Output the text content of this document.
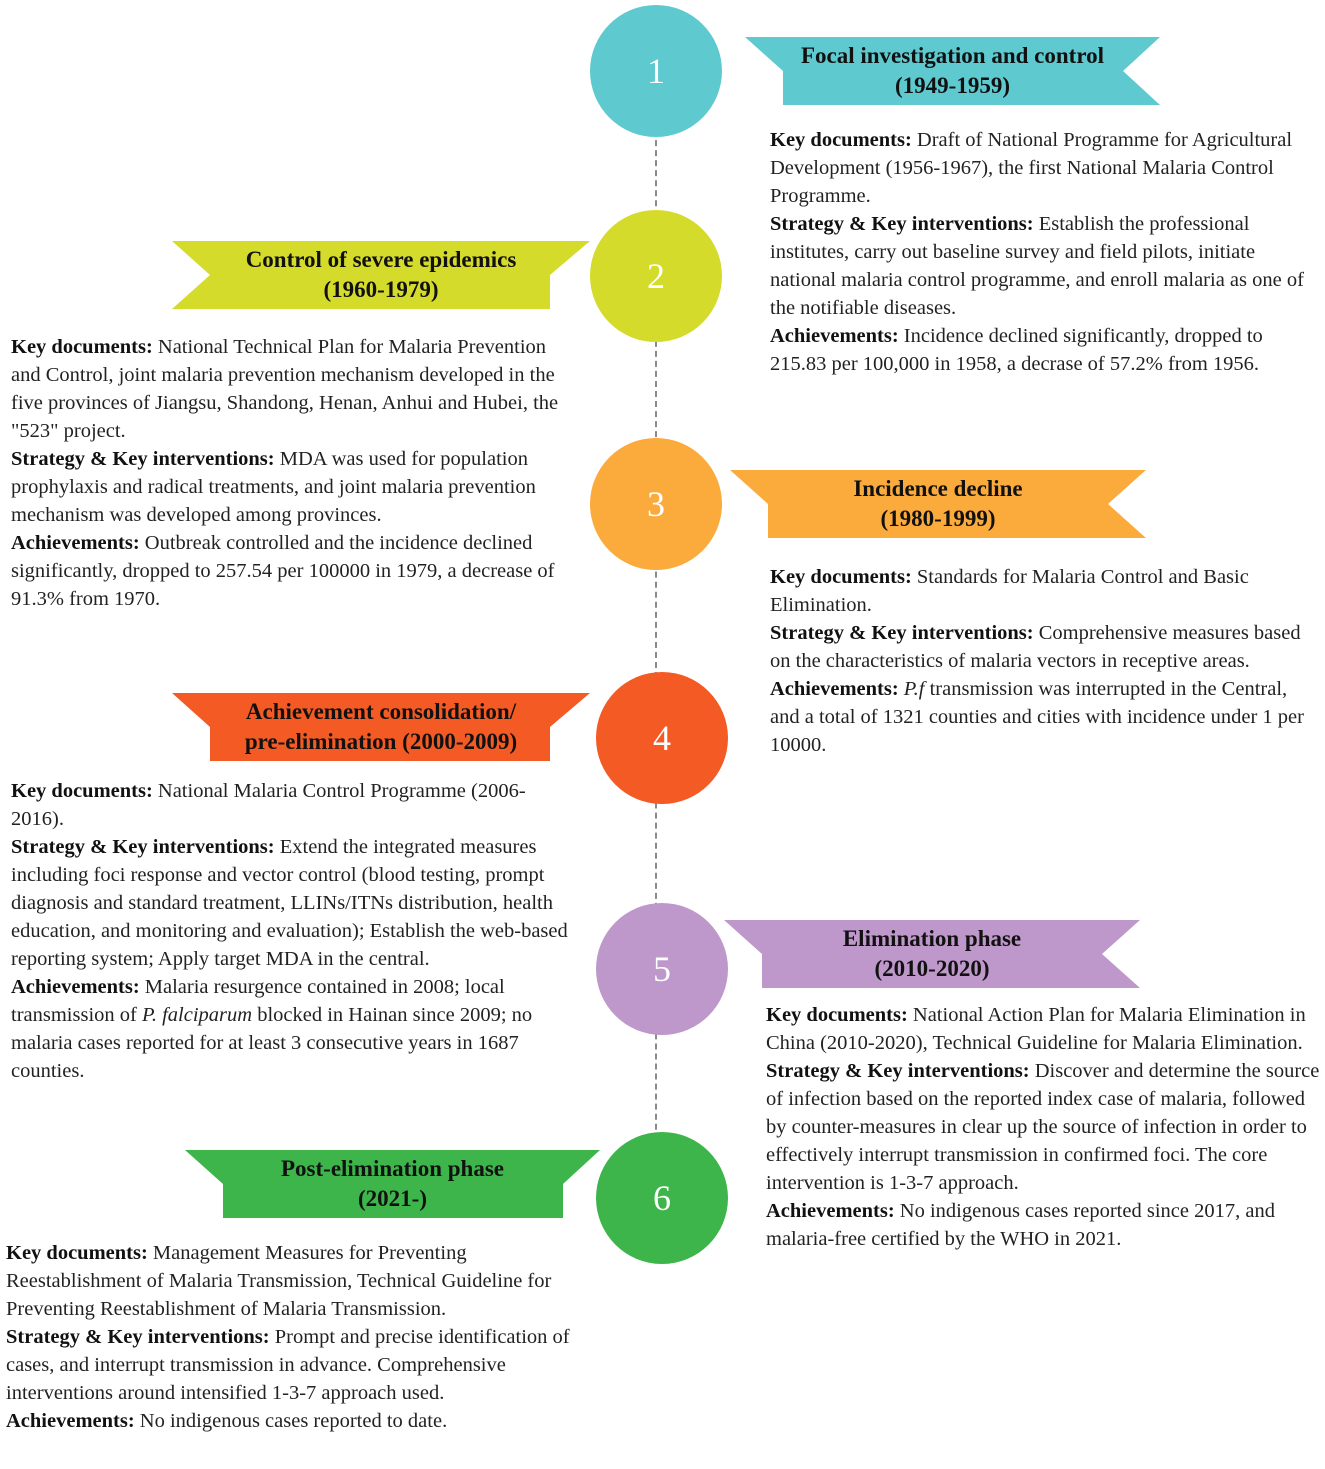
1	Focal investigation and control
(1949-1959)

Key documents: Draft of National Programme for Agricultural Development (1956-1967), the first National Malaria Control Programme.

Strategy & Key interventions: Establish the professional institutes, carry out baseline survey and field pilots, initiate national malaria control programme, and enroll malaria as one of the notifiable diseases.

Achievements: Incidence declined significantly, dropped to 215.83 per 100,000 in 1958, a decrase of 57.2% from 1956.

2
Control of severe epidemics
(1960-1979)

Key documents: National Technical Plan for Malaria Prevention and Control, joint malaria prevention mechanism developed in the five provinces of Jiangsu, Shandong, Henan, Anhui and Hubei, the "523" project.

Strategy & Key interventions: MDA was used for population prophylaxis and radical treatments, and joint malaria prevention mechanism was developed among provinces.

Achievements: Outbreak controlled and the incidence declined significantly, dropped to 257.54 per 100000 in 1979, a decrease of 91.3% from 1970.

3	Incidence decline
(1980-1999)

Key documents: Standards for Malaria Control and Basic Elimination.

Strategy & Key interventions: Comprehensive measures based on the characteristics of malaria vectors in receptive areas.

Achievements: P.f transmission was interrupted in the Central, and a total of 1321 counties and cities with incidence under 1 per 10000.

4
Achievement consolidation/
pre-elimination (2000-2009)

Key documents: National Malaria Control Programme (2006-2016).

Strategy & Key interventions: Extend the integrated measures including foci response and vector control (blood testing, prompt diagnosis and standard treatment, LLINs/ITNs distribution, health education, and monitoring and evaluation); Establish the web-based reporting system; Apply target MDA in the central.

Achievements: Malaria resurgence contained in 2008; local transmission of P. falciparum blocked in Hainan since 2009; no malaria cases reported for at least 3 consecutive years in 1687 counties.

5
Elimination phase
(2010-2020)

Key documents: National Action Plan for Malaria Elimination in China (2010-2020), Technical Guideline for Malaria Elimination.

Strategy & Key interventions: Discover and determine the source of infection based on the reported index case of malaria, followed by counter-measures in clear up the source of infection in order to effectively interrupt transmission in confirmed foci. The core intervention is 1-3-7 approach.

Achievements: No indigenous cases reported since 2017, and malaria-free certified by the WHO in 2021.

6
Post-elimination phase
(2021-)

Key documents: Management Measures for Preventing Reestablishment of Malaria Transmission, Technical Guideline for Preventing Reestablishment of Malaria Transmission.

Strategy & Key interventions: Prompt and precise identification of cases, and interrupt transmission in advance. Comprehensive interventions around intensified 1-3-7 approach used.

Achievements: No indigenous cases reported to date.
